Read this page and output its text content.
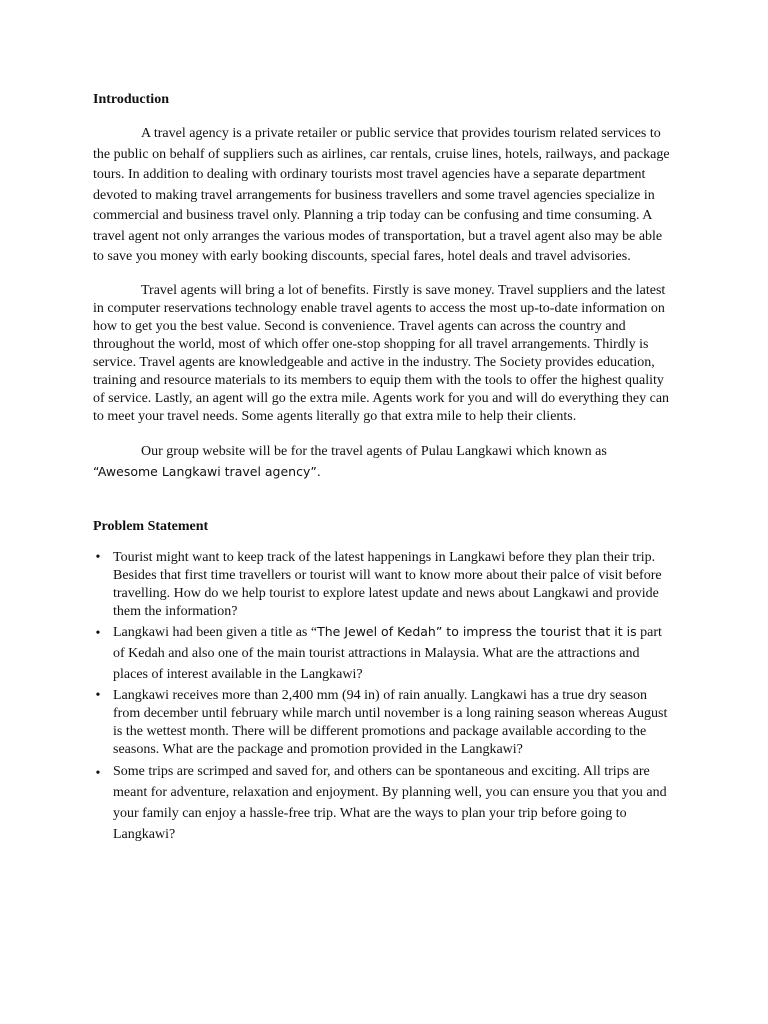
Introduction

A travel agency is a private retailer or public service that provides tourism related services to the public on behalf of suppliers such as airlines, car rentals, cruise lines, hotels, railways, and package tours. In addition to dealing with ordinary tourists most travel agencies have a separate department devoted to making travel arrangements for business travellers and some travel agencies specialize in commercial and business travel only. Planning a trip today can be confusing and time consuming. A travel agent not only arranges the various modes of transportation, but a travel agent also may be able to save you money with early booking discounts, special fares, hotel deals and travel advisories.

Travel agents will bring a lot of benefits. Firstly is save money. Travel suppliers and the latest in computer reservations technology enable travel agents to access the most up-to-date information on how to get you the best value. Second is convenience. Travel agents can across the country and throughout the world, most of which offer one-stop shopping for all travel arrangements. Thirdly is service. Travel agents are knowledgeable and active in the industry. The Society provides education, training and resource materials to its members to equip them with the tools to offer the highest quality of service. Lastly, an agent will go the extra mile. Agents work for you and will do everything they can to meet your travel needs. Some agents literally go that extra mile to help their clients.

Our group website will be for the travel agents of Pulau Langkawi which known as
“Awesome Langkawi travel agency”.

Problem Statement
• Tourist might want to keep track of the latest happenings in Langkawi before they plan their trip. Besides that first time travellers or tourist will want to know more about their palce of visit before travelling. How do we help tourist to explore latest update and news about Langkawi and provide them the information?
• Langkawi had been given a title as “The Jewel of Kedah” to impress the tourist that it is part of Kedah and also one of the main tourist attractions in Malaysia. What are the attractions and places of interest available in the Langkawi?
• Langkawi receives more than 2,400 mm (94 in) of rain anually. Langkawi has a true dry season from december until february while march until november is a long raining season whereas August is the wettest month. There will be different promotions and package available according to the seasons. What are the package and promotion provided in the Langkawi?
• Some trips are scrimped and saved for, and others can be spontaneous and exciting. All trips are meant for adventure, relaxation and enjoyment. By planning well, you can ensure you that you and your family can enjoy a hassle-free trip. What are the ways to plan your trip before going to Langkawi?
